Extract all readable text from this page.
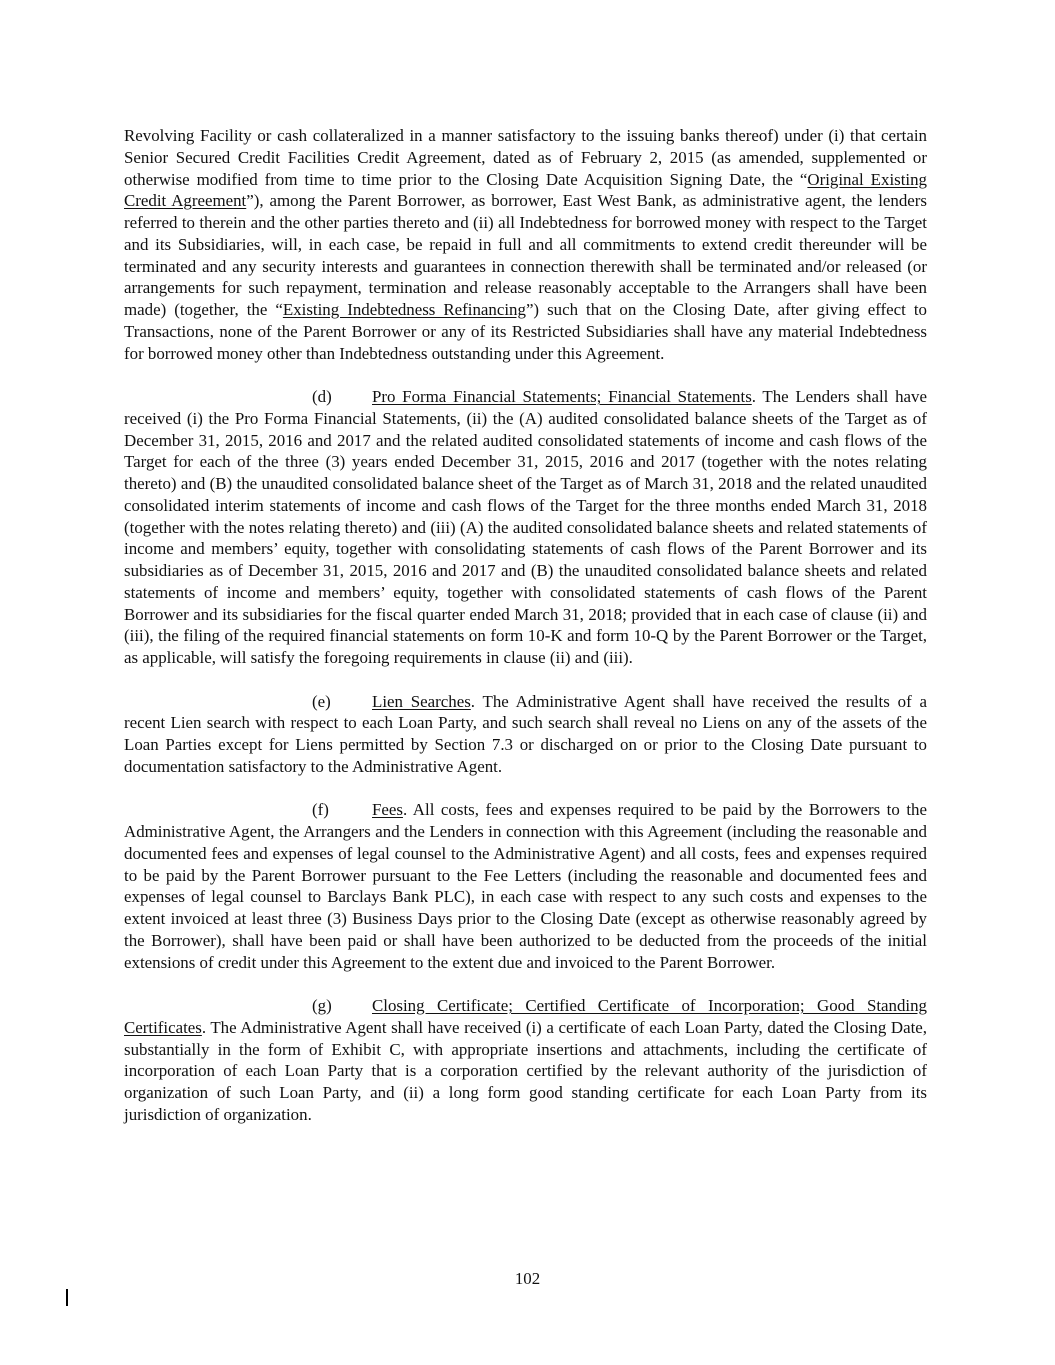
Revolving Facility or cash collateralized in a manner satisfactory to the issuing banks thereof) under (i) that certain Senior Secured Credit Facilities Credit Agreement, dated as of February 2, 2015 (as amended, supplemented or otherwise modified from time to time prior to the Closing Date Acquisition Signing Date, the “Original Existing Credit Agreement”), among the Parent Borrower, as borrower, East West Bank, as administrative agent, the lenders referred to therein and the other parties thereto and (ii) all Indebtedness for borrowed money with respect to the Target and its Subsidiaries, will, in each case, be repaid in full and all commitments to extend credit thereunder will be terminated and any security interests and guarantees in connection therewith shall be terminated and/or released (or arrangements for such repayment, termination and release reasonably acceptable to the Arrangers shall have been made) (together, the “Existing Indebtedness Refinancing”) such that on the Closing Date, after giving effect to Transactions, none of the Parent Borrower or any of its Restricted Subsidiaries shall have any material Indebtedness for borrowed money other than Indebtedness outstanding under this Agreement.

(d) Pro Forma Financial Statements; Financial Statements. The Lenders shall have received (i) the Pro Forma Financial Statements, (ii) the (A) audited consolidated balance sheets of the Target as of December 31, 2015, 2016 and 2017 and the related audited consolidated statements of income and cash flows of the Target for each of the three (3) years ended December 31, 2015, 2016 and 2017 (together with the notes relating thereto) and (B) the unaudited consolidated balance sheet of the Target as of March 31, 2018 and the related unaudited consolidated interim statements of income and cash flows of the Target for the three months ended March 31, 2018 (together with the notes relating thereto) and (iii) (A) the audited consolidated balance sheets and related statements of income and members’ equity, together with consolidating statements of cash flows of the Parent Borrower and its subsidiaries as of December 31, 2015, 2016 and 2017 and (B) the unaudited consolidated balance sheets and related statements of income and members’ equity, together with consolidated statements of cash flows of the Parent Borrower and its subsidiaries for the fiscal quarter ended March 31, 2018; provided that in each case of clause (ii) and (iii), the filing of the required financial statements on form 10-K and form 10-Q by the Parent Borrower or the Target, as applicable, will satisfy the foregoing requirements in clause (ii) and (iii).

(e) Lien Searches. The Administrative Agent shall have received the results of a recent Lien search with respect to each Loan Party, and such search shall reveal no Liens on any of the assets of the Loan Parties except for Liens permitted by Section 7.3 or discharged on or prior to the Closing Date pursuant to documentation satisfactory to the Administrative Agent.

(f)	Fees. All costs, fees and expenses required to be paid by the Borrowers to the Administrative Agent, the Arrangers and the Lenders in connection with this Agreement (including the reasonable and documented fees and expenses of legal counsel to the Administrative Agent) and all costs, fees and expenses required to be paid by the Parent Borrower pursuant to the Fee Letters (including the reasonable and documented fees and expenses of legal counsel to Barclays Bank PLC), in each case with respect to any such costs and expenses to the extent invoiced at least three (3) Business Days prior to the Closing Date (except as otherwise reasonably agreed by the Borrower), shall have been paid or shall have been authorized to be deducted from the proceeds of the initial extensions of credit under this Agreement to the extent due and invoiced to the Parent Borrower.

(g) Closing Certificate; Certified Certificate of Incorporation; Good Standing Certificates. The Administrative Agent shall have received (i) a certificate of each Loan Party, dated the Closing Date, substantially in the form of Exhibit C, with appropriate insertions and attachments, including the certificate of incorporation of each Loan Party that is a corporation certified by the relevant authority of the jurisdiction of organization of such Loan Party, and (ii) a long form good standing certificate for each Loan Party from its jurisdiction of organization.

102
